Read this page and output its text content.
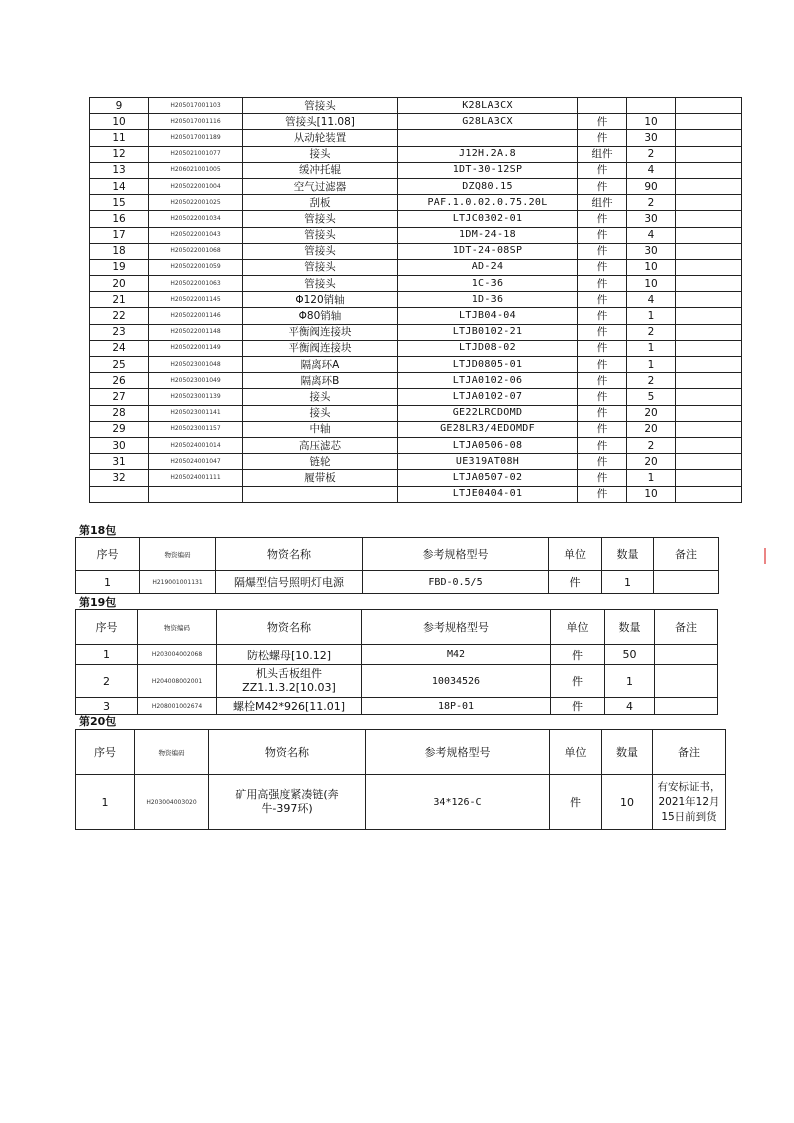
9	H205017001103	管接头	K28LA3CX			
10	H205017001116	管接头[11.08]	G28LA3CX	件	10	
11	H205017001189	从动轮装置		件	30	
12	H205021001077	接头	J12H.2A.8	组件	2	
13	H206021001005	缓冲托辊	1DT-30-12SP	件	4	
14	H205022001004	空气过滤器	DZQ80.15	件	90	
15	H205022001025	刮板	PAF.1.0.02.0.75.20L	组件	2	
16	H205022001034	管接头	LTJC0302-01	件	30	
17	H205022001043	管接头	1DM-24-18	件	4	
18	H205022001068	管接头	1DT-24-08SP	件	30	
19	H205022001059	管接头	AD-24	件	10	
20	H205022001063	管接头	1C-36	件	10	
21	H205022001145	Φ120销轴	1D-36	件	4	
22	H205022001146	Φ80销轴	LTJB04-04	件	1	
23	H205022001148	平衡阀连接块	LTJB0102-21	件	2	
24	H205022001149	平衡阀连接块	LTJD08-02	件	1	
25	H205023001048	隔离环A	LTJD0805-01	件	1	
26	H205023001049	隔离环B	LTJA0102-06	件	2	
27	H205023001139	接头	LTJA0102-07	件	5	
28	H205023001141	接头	GE22LRCDOMD	件	20	
29	H205023001157	中轴	GE28LR3/4EDOMDF	件	20	
30	H205024001014	高压滤芯	LTJA0506-08	件	2	
31	H205024001047	链轮	UE319AT08H	件	20	
32	H205024001111	履带板	LTJA0507-02	件	1	
			LTJE0404-01	件	10	
第18包
序号	物资编码	物资名称	参考规格型号	单位	数量	备注
1	H219001001131	隔爆型信号照明灯电源	FBD-0.5/5	件	1	
第19包
序号	物资编码	物资名称	参考规格型号	单位	数量	备注
1	H203004002068	防松螺母[10.12]	M42	件	50	
2	H204008002001	机头舌板组件ZZ1.1.3.2[10.03]	10034526	件	1	
3	H208001002674	螺栓M42*926[11.01]	18P-01	件	4	
第20包
序号	物资编码	物资名称	参考规格型号	单位	数量	备注
1	H203004003020	矿用高强度紧凑链(奔牛-397环)	34*126-C	件	10	有安标证书，2021年12月15日前到货
